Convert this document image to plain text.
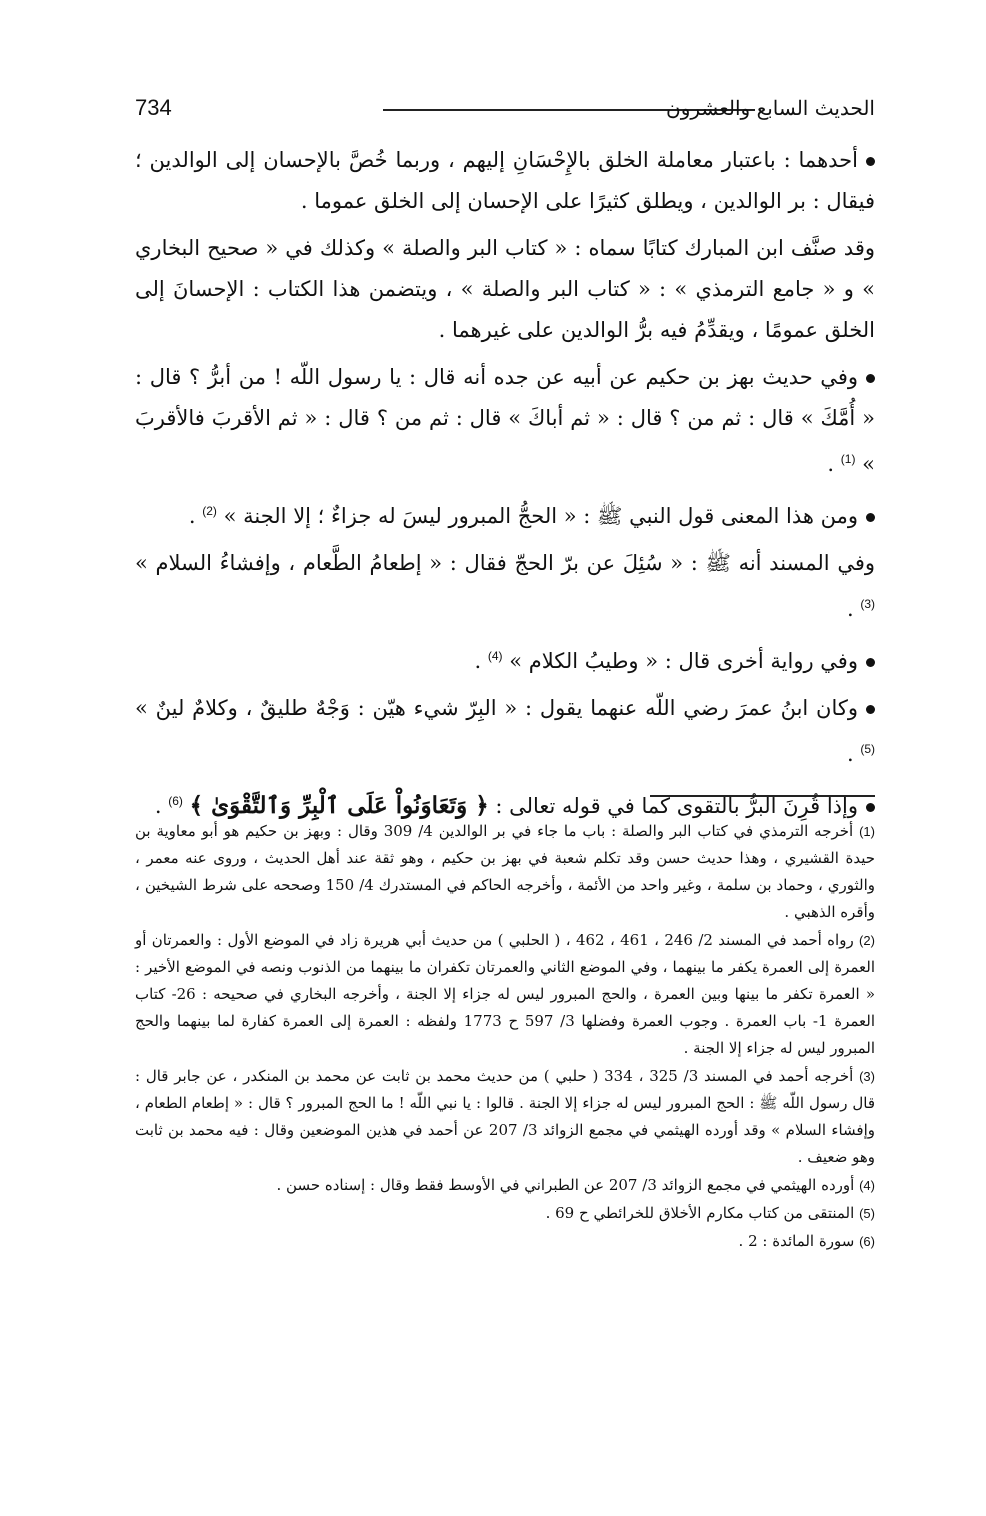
734	الحديث السابع والعشرون

أحدهما : باعتبار معاملة الخلق بالإِحْسَانِ إليهم ، وربما خُصَّ بالإحسان إلى الوالدين ؛ فيقال : بر الوالدين ، ويطلق كثيرًا على الإحسان إلى الخلق عموما .

وقد صنَّف ابن المبارك كتابًا سماه : « كتاب البر والصلة » وكذلك في « صحيح البخاري » و « جامع الترمذي » : « كتاب البر والصلة » ، ويتضمن هذا الكتاب : الإحسانَ إلى الخلق عمومًا ، ويقدِّمُ فيه برُّ الوالدين على غيرهما .

وفي حديث بهز بن حكيم عن أبيه عن جده أنه قال : يا رسول اللّه ! من أبرُّ ؟ قال : « أُمَّكَ » قال : ثم من ؟ قال : « ثم أباكَ » قال : ثم من ؟ قال : « ثم الأقربَ فالأقربَ » $^{(1)}$ .

ومن هذا المعنى قول النبي ﷺ : « الحجُّ المبرور ليسَ له جزاءٌ ؛ إلا الجنة » $^{(2)}$ .

وفي المسند أنه ﷺ : « سُئِلَ عن برّ الحجّ فقال : « إطعامُ الطَّعام ، وإفشاءُ السلام » $^{(3)}$ .

وفي رواية أخرى قال : « وطيبُ الكلام » $^{(4)}$ .

وكان ابنُ عمرَ رضي اللّه عنهما يقول : « البِرّ شيء هيّن : وَجْهٌ طليقٌ ، وكلامٌ لينٌ » $^{(5)}$ .

وإذا قُرِنَ البرُّ بالتقوى كما في قوله تعالى : ﴿ وَتَعَاوَنُواْ عَلَى ٱلْبِرِّ وَٱلتَّقْوَىٰ ﴾ $^{(6)}$ .

(1) أخرجه الترمذي في كتاب البر والصلة : باب ما جاء في بر الوالدين 4/ 309 وقال : وبهز بن حكيم هو أبو معاوية بن حيدة القشيري ، وهذا حديث حسن وقد تكلم شعبة في بهز بن حكيم ، وهو ثقة عند أهل الحديث ، وروى عنه معمر ، والثوري ، وحماد بن سلمة ، وغير واحد من الأئمة ، وأخرجه الحاكم في المستدرك 4/ 150 وصححه على شرط الشيخين ، وأقره الذهبي .

(2) رواه أحمد في المسند 2/ 246 ، 461 ، 462 ، ( الحلبي ) من حديث أبي هريرة زاد في الموضع الأول : والعمرتان أو العمرة إلى العمرة يكفر ما بينهما ، وفي الموضع الثاني والعمرتان تكفران ما بينهما من الذنوب ونصه في الموضع الأخير : « العمرة تكفر ما بينها وبين العمرة ، والحج المبرور ليس له جزاء إلا الجنة ، وأخرجه البخاري في صحيحه : 26- كتاب العمرة 1- باب العمرة . وجوب العمرة وفضلها 3/ 597 ح 1773 ولفظه : العمرة إلى العمرة كفارة لما بينهما والحج المبرور ليس له جزاء إلا الجنة .

(3) أخرجه أحمد في المسند 3/ 325 ، 334 ( حلبي ) من حديث محمد بن ثابت عن محمد بن المنكدر ، عن جابر قال : قال رسول اللّه ﷺ : الحج المبرور ليس له جزاء إلا الجنة . قالوا : يا نبي اللّه ! ما الحج المبرور ؟ قال : « إطعام الطعام ، وإفشاء السلام » وقد أورده الهيثمي في مجمع الزوائد 3/ 207 عن أحمد في هذين الموضعين وقال : فيه محمد بن ثابت وهو ضعيف .

(4) أورده الهيثمي في مجمع الزوائد 3/ 207 عن الطبراني في الأوسط فقط وقال : إسناده حسن .

(5) المنتقى من كتاب مكارم الأخلاق للخرائطي ح 69 .

(6) سورة المائدة : 2 .
